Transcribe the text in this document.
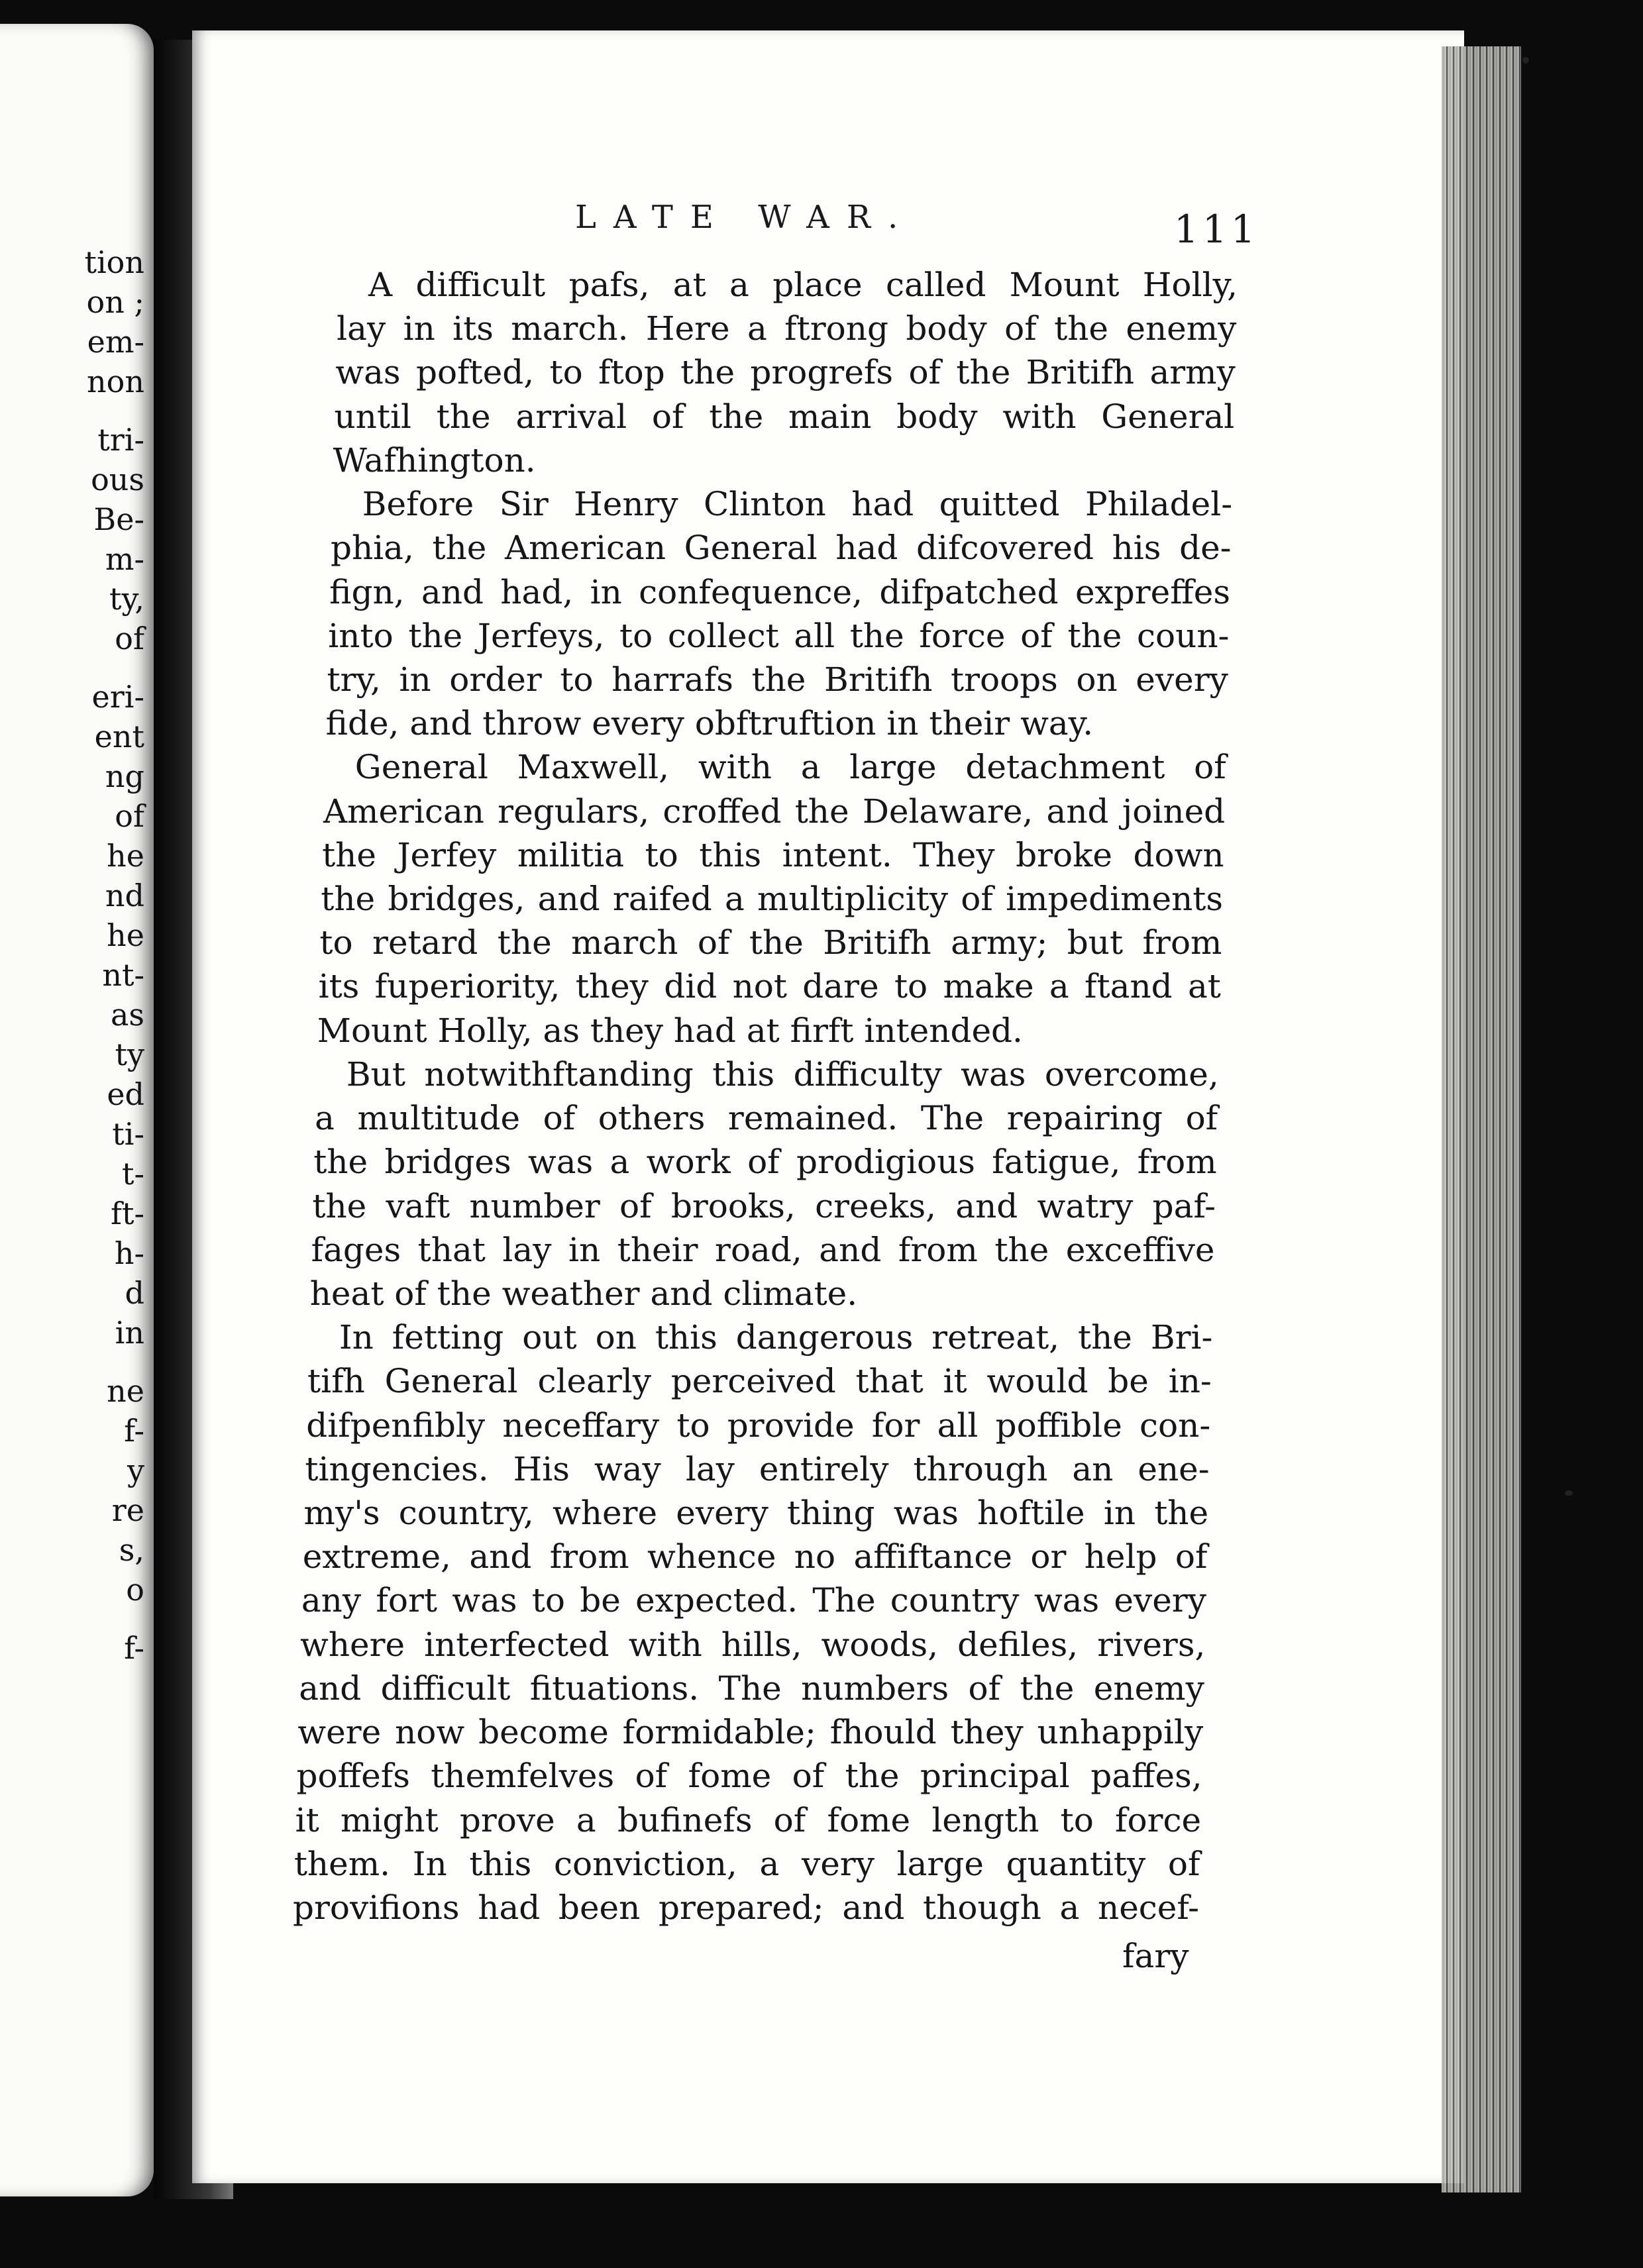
tion
on ;
em-
non
tri-
ous
Be-
m-
ty,
of
eri-
ent
ng
of
he
nd
he
nt-
as
ty
ed
ti-
t-
ft-
h-
d
in
ne
f-
y
re
s,
o
f-
LATE WAR.	111
A difficult pafs, at a place called Mount Holly,
lay in its march. Here a ftrong body of the enemy
was pofted, to ftop the progrefs of the Britifh army
until the arrival of the main body with General
Wafhington.
Before Sir Henry Clinton had quitted Philadel-
phia, the American General had difcovered his de-
fign, and had, in confequence, difpatched expreffes
into the Jerfeys, to collect all the force of the coun-
try, in order to harrafs the Britifh troops on every
fide, and throw every obftruftion in their way.
General Maxwell, with a large detachment of
American regulars, croffed the Delaware, and joined
the Jerfey militia to this intent. They broke down
the bridges, and raifed a multiplicity of impediments
to retard the march of the Britifh army; but from
its fuperiority, they did not dare to make a ftand at
Mount Holly, as they had at firft intended.
But notwithftanding this difficulty was overcome,
a multitude of others remained. The repairing of
the bridges was a work of prodigious fatigue, from
the vaft number of brooks, creeks, and watry paf-
fages that lay in their road, and from the exceffive
heat of the weather and climate.
In fetting out on this dangerous retreat, the Bri-
tifh General clearly perceived that it would be in-
difpenfibly neceffary to provide for all poffible con-
tingencies. His way lay entirely through an ene-
my's country, where every thing was hoftile in the
extreme, and from whence no affiftance or help of
any fort was to be expected. The country was every
where interfected with hills, woods, defiles, rivers,
and difficult fituations. The numbers of the enemy
were now become formidable; fhould they unhappily
poffefs themfelves of fome of the principal paffes,
it might prove a bufinefs of fome length to force
them. In this conviction, a very large quantity of
provifions had been prepared; and though a necef-
fary
